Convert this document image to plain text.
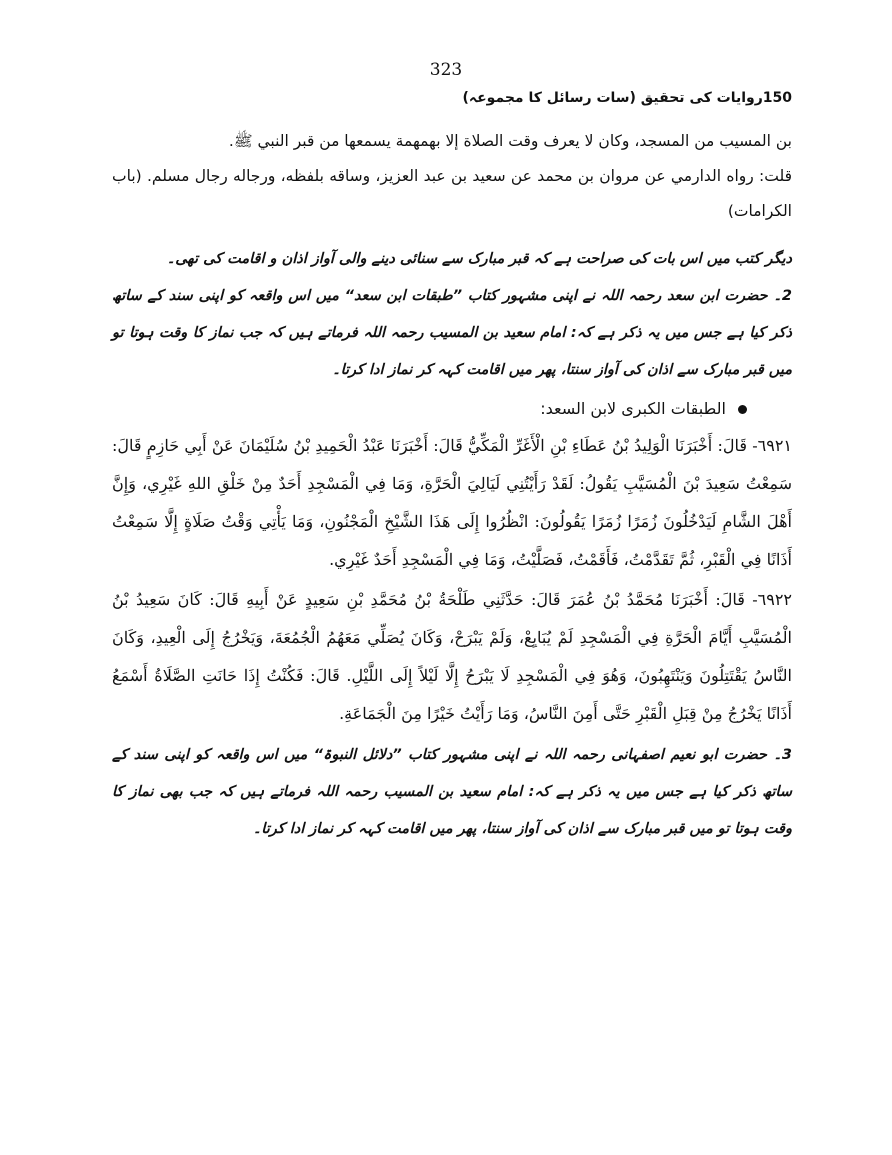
323
150روایات کی تحقیق (سات رسائل کا مجموعہ)

بن المسيب من المسجد، وكان لا يعرف وقت الصلاة إلا بهمهمة يسمعها من قبر النبي ﷺ.

قلت: رواه الدارمي عن مروان بن محمد عن سعيد بن عبد العزيز، وساقه بلفظه، ورجاله رجال مسلم. (باب الكرامات)

دیگر کتب میں اس بات کی صراحت ہے کہ قبر مبارک سے سنائی دینے والی آواز اذان و اقامت کی تھی۔

2۔ حضرت ابن سعد رحمہ اللہ نے اپنی مشہور کتاب ”طبقات ابن سعد“ میں اس واقعہ کو اپنی سند کے ساتھ ذکر کیا ہے جس میں یہ ذکر ہے کہ: امام سعید بن المسیب رحمہ اللہ فرماتے ہیں کہ جب نماز کا وقت ہوتا تو میں قبر مبارک سے اذان کی آواز سنتا، پھر میں اقامت کہہ کر نماز ادا کرتا۔

الطبقات الكبرى لابن السعد:

٦٩٢١- قَالَ: أَخْبَرَنَا الْوَلِيدُ بْنُ عَطَاءِ بْنِ الْأَغَرِّ الْمَكِّيُّ قَالَ: أَخْبَرَنَا عَبْدُ الْحَمِيدِ بْنُ سُلَيْمَانَ عَنْ أَبِي حَازِمٍ قَالَ: سَمِعْتُ سَعِيدَ بْنَ الْمُسَيَّبِ يَقُولُ: لَقَدْ رَأَيْتُنِي لَيَالِيَ الْحَرَّةِ، وَمَا فِي الْمَسْجِدِ أَحَدٌ مِنْ خَلْقِ اللهِ غَيْرِي، وَإِنَّ أَهْلَ الشَّامِ لَيَدْخُلُونَ زُمَرًا زُمَرًا يَقُولُونَ: انْظُرُوا إِلَى هَذَا الشَّيْخِ الْمَجْنُونِ، وَمَا يَأْتِي وَقْتُ صَلَاةٍ إِلَّا سَمِعْتُ أَذَانًا فِي الْقَبْرِ، ثُمَّ تَقَدَّمْتُ، فَأَقَمْتُ، فَصَلَّيْتُ، وَمَا فِي الْمَسْجِدِ أَحَدٌ غَيْرِي.

٦٩٢٢- قَالَ: أَخْبَرَنَا مُحَمَّدُ بْنُ عُمَرَ قَالَ: حَدَّثَنِي طَلْحَةُ بْنُ مُحَمَّدِ بْنِ سَعِيدٍ عَنْ أَبِيهِ قَالَ: كَانَ سَعِيدُ بْنُ الْمُسَيَّبِ أَيَّامَ الْحَرَّةِ فِي الْمَسْجِدِ لَمْ يُبَايِعْ، وَلَمْ يَبْرَحْ، وَكَانَ يُصَلِّي مَعَهُمُ الْجُمُعَةَ، وَيَخْرُجُ إِلَى الْعِيدِ، وَكَانَ النَّاسُ يَقْتَتِلُونَ وَيَنْتَهِبُونَ، وَهُوَ فِي الْمَسْجِدِ لَا يَبْرَحُ إِلَّا لَيْلاً إِلَى اللَّيْلِ. قَالَ: فَكُنْتُ إِذَا حَانَتِ الصَّلَاةُ أَسْمَعُ أَذَانًا يَخْرُجُ مِنْ قِبَلِ الْقَبْرِ حَتَّى أَمِنَ النَّاسُ، وَمَا رَأَيْتُ خَيْرًا مِنَ الْجَمَاعَةِ.

3۔ حضرت ابو نعیم اصفہانی رحمہ اللہ نے اپنی مشہور کتاب ”دلائل النبوۃ“ میں اس واقعہ کو اپنی سند کے ساتھ ذکر کیا ہے جس میں یہ ذکر ہے کہ: امام سعید بن المسیب رحمہ اللہ فرماتے ہیں کہ جب بھی نماز کا وقت ہوتا تو میں قبر مبارک سے اذان کی آواز سنتا، پھر میں اقامت کہہ کر نماز ادا کرتا۔
